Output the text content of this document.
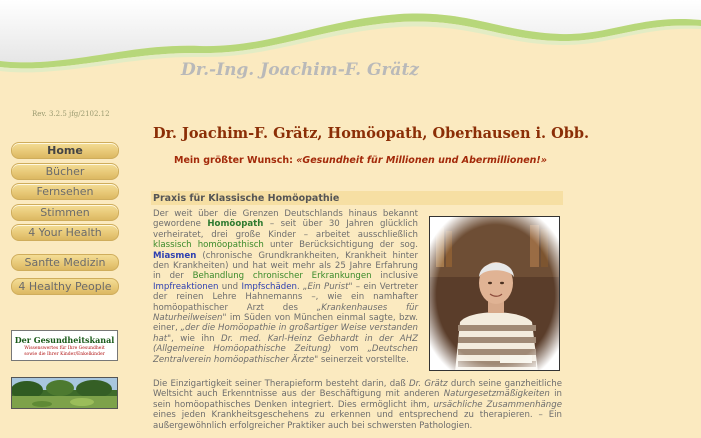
Dr.-Ing. Joachim-F. Grätz
Rev. 3.2.5 jfg/2102.12
Home
Bücher
Fernsehen
Stimmen
4 Your Health
Sanfte Medizin
4 Healthy People
Der Gesundheitskanal
Wissenswertes für Ihre Gesundheit
sowie die Ihrer Kinder/Enkelkinder
Dr. Joachim-F. Grätz, Homöopath, Oberhausen i. Obb.
Mein größter Wunsch: «Gesundheit für Millionen und Abermillionen!»
Praxis für Klassische Homöopathie
Der weit über die Grenzen Deutschlands hinaus bekannt gewordene Homöopath – seit über 30 Jahren glücklich verheiratet, drei große Kinder – arbeitet ausschließlich klassisch homöopathisch unter Berücksichtigung der sog. Miasmen (chronische Grundkrankheiten, Krankheit hinter den Krankheiten) und hat weit mehr als 25 Jahre Erfahrung in der Behandlung chronischer Erkrankungen inclusive Impfreaktionen und Impfschäden. „Ein Purist" – ein Vertreter der reinen Lehre Hahnemanns –, wie ein namhafter homöopathischer Arzt des „Krankenhauses für Naturheilweisen" im Süden von München einmal sagte, bzw. einer, „der die Homöopathie in großartiger Weise verstanden hat", wie ihn Dr. med. Karl-Heinz Gebhardt in der AHZ (Allgemeine Homöopathische Zeitung) vom „Deutschen Zentralverein homöopathischer Ärzte" seinerzeit vorstellte.
Die Einzigartigkeit seiner Therapieform besteht darin, daß Dr. Grätz durch seine ganzheitliche Weltsicht auch Erkenntnisse aus der Beschäftigung mit anderen Naturgesetzmäßigkeiten in sein homöopathisches Denken integriert. Dies ermöglicht ihm, ursächliche Zusammenhänge eines jeden Krankheitsgeschehens zu erkennen und entsprechend zu therapieren. – Ein außergewöhnlich erfolgreicher Praktiker auch bei schwersten Pathologien.
